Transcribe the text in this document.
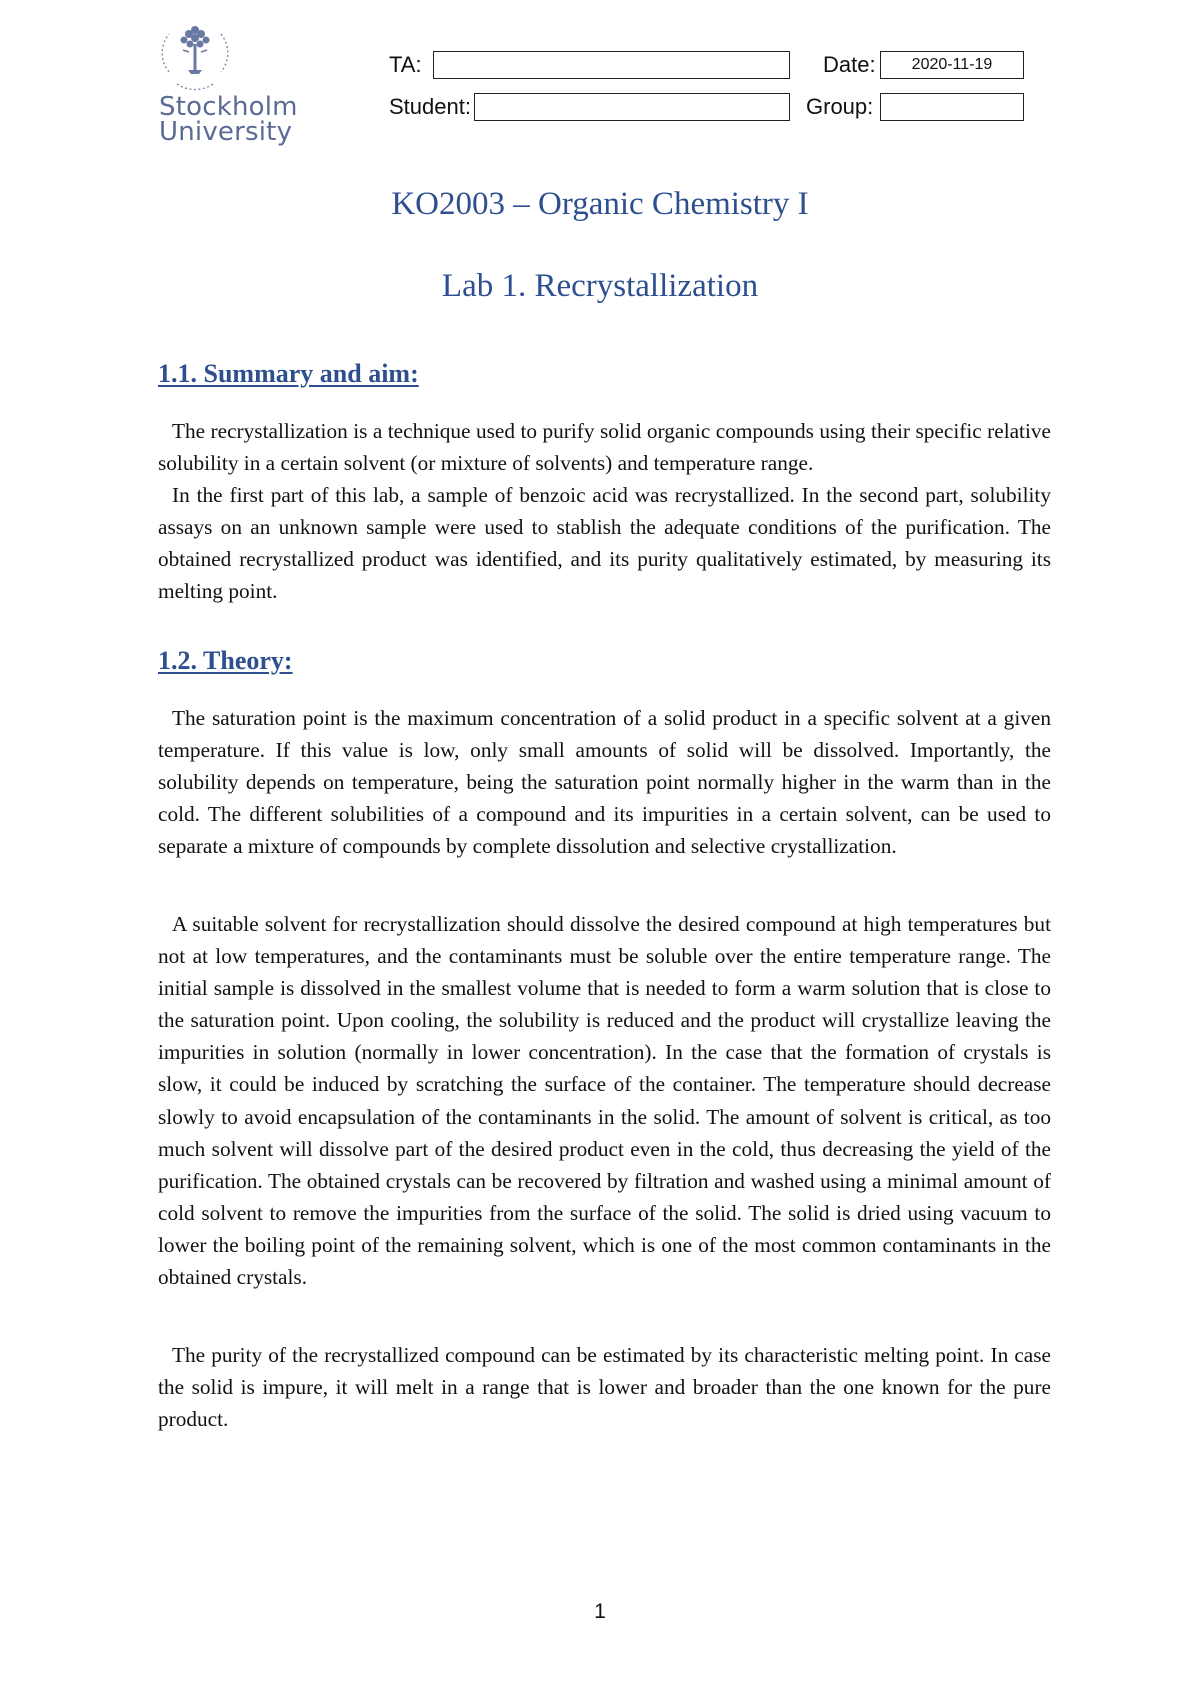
Stockholm
University
TA:	Date:	2020-11-19
Student:	Group:
KO2003 – Organic Chemistry I
Lab 1. Recrystallization
1.1. Summary and aim:
The recrystallization is a technique used to purify solid organic compounds using their specific relative solubility in a certain solvent (or mixture of solvents) and temperature range.
In the first part of this lab, a sample of benzoic acid was recrystallized. In the second part, solubility assays on an unknown sample were used to stablish the adequate conditions of the purification. The obtained recrystallized product was identified, and its purity qualitatively estimated, by measuring its melting point.
1.2. Theory:
The saturation point is the maximum concentration of a solid product in a specific solvent at a given temperature. If this value is low, only small amounts of solid will be dissolved. Importantly, the solubility depends on temperature, being the saturation point normally higher in the warm than in the cold. The different solubilities of a compound and its impurities in a certain solvent, can be used to separate a mixture of compounds by complete dissolution and selective crystallization.
A suitable solvent for recrystallization should dissolve the desired compound at high temperatures but not at low temperatures, and the contaminants must be soluble over the entire temperature range. The initial sample is dissolved in the smallest volume that is needed to form a warm solution that is close to the saturation point. Upon cooling, the solubility is reduced and the product will crystallize leaving the impurities in solution (normally in lower concentration). In the case that the formation of crystals is slow, it could be induced by scratching the surface of the container. The temperature should decrease slowly to avoid encapsulation of the contaminants in the solid. The amount of solvent is critical, as too much solvent will dissolve part of the desired product even in the cold, thus decreasing the yield of the purification. The obtained crystals can be recovered by filtration and washed using a minimal amount of cold solvent to remove the impurities from the surface of the solid. The solid is dried using vacuum to lower the boiling point of the remaining solvent, which is one of the most common contaminants in the obtained crystals.
The purity of the recrystallized compound can be estimated by its characteristic melting point. In case the solid is impure, it will melt in a range that is lower and broader than the one known for the pure product.
1
